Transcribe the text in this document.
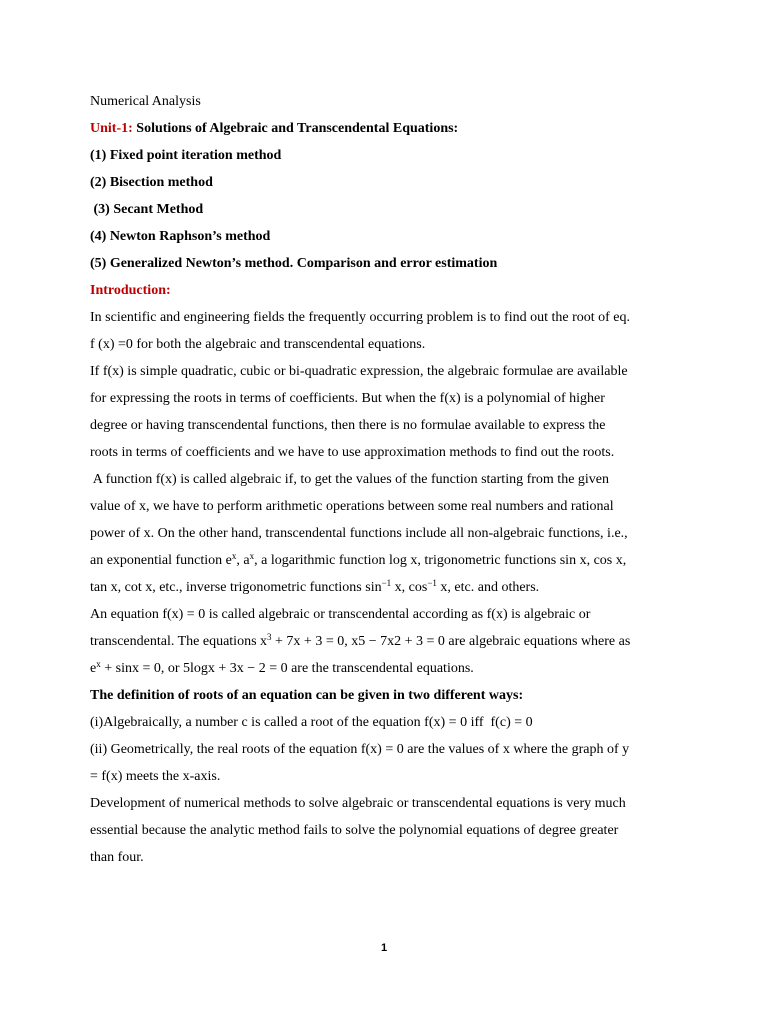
Numerical Analysis
Unit-1: Solutions of Algebraic and Transcendental Equations:
(1) Fixed point iteration method
(2) Bisection method
(3) Secant Method
(4) Newton Raphson’s method
(5) Generalized Newton’s method. Comparison and error estimation
Introduction:
In scientific and engineering fields the frequently occurring problem is to find out the root of eq.
f (x) =0 for both the algebraic and transcendental equations.
If f(x) is simple quadratic, cubic or bi-quadratic expression, the algebraic formulae are available
for expressing the roots in terms of coefficients. But when the f(x) is a polynomial of higher
degree or having transcendental functions, then there is no formulae available to express the
roots in terms of coefficients and we have to use approximation methods to find out the roots.
A function f(x) is called algebraic if, to get the values of the function starting from the given
value of x, we have to perform arithmetic operations between some real numbers and rational
power of x. On the other hand, transcendental functions include all non-algebraic functions, i.e.,
an exponential function $e^x$, $a^x$, a logarithmic function log x, trigonometric functions sin x, cos x,
tan x, cot x, etc., inverse trigonometric functions $\sin^{-1} x$, $\cos^{-1} x$, etc. and others.
An equation f(x) = 0 is called algebraic or transcendental according as f(x) is algebraic or
transcendental. The equations $x^3 + 7x + 3 = 0$, x5 − 7x2 + 3 = 0 are algebraic equations where as
$e^x + \sin x = 0$, or 5logx + 3x − 2 = 0 are the transcendental equations.
The definition of roots of an equation can be given in two different ways:
(i)Algebraically, a number c is called a root of the equation f(x) = 0 iff  f(c) = 0
(ii) Geometrically, the real roots of the equation f(x) = 0 are the values of x where the graph of y
= f(x) meets the x-axis.
Development of numerical methods to solve algebraic or transcendental equations is very much
essential because the analytic method fails to solve the polynomial equations of degree greater
than four.
1
